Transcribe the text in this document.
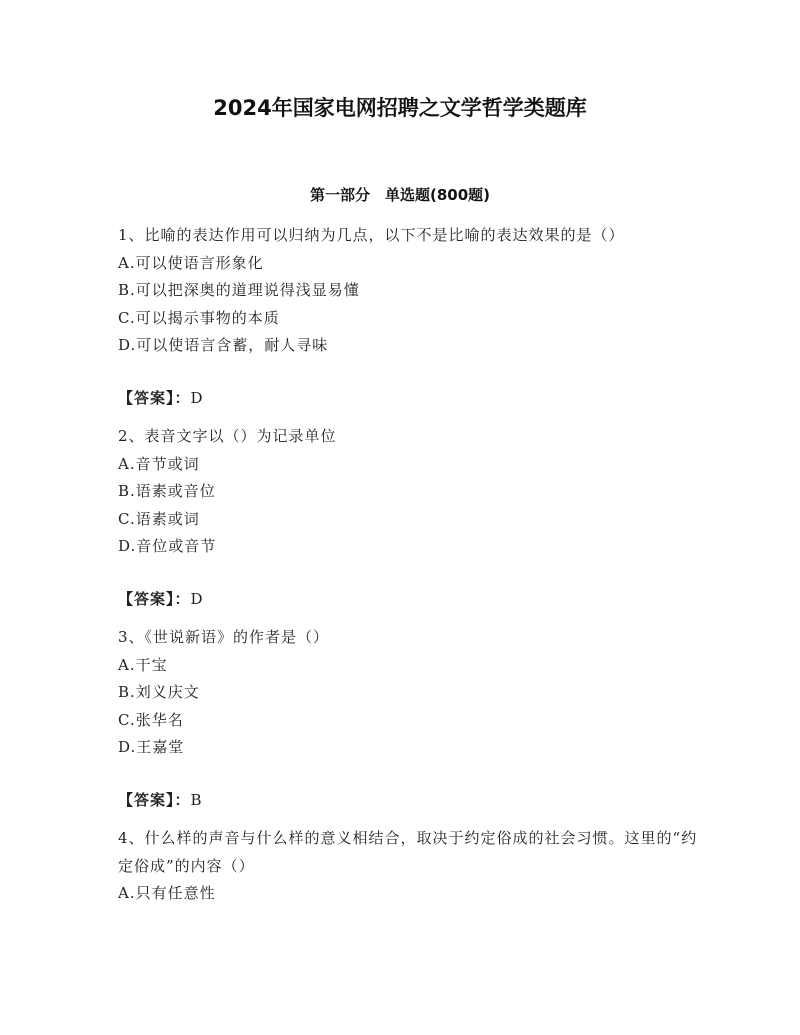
2024年国家电网招聘之文学哲学类题库
第一部分　单选题(800题)

1、比喻的表达作用可以归纳为几点，以下不是比喻的表达效果的是（）

A.可以使语言形象化

B.可以把深奥的道理说得浅显易懂

C.可以揭示事物的本质

D.可以使语言含蓄，耐人寻味

【答案】：D

2、表音文字以（）为记录单位

A.音节或词

B.语素或音位

C.语素或词

D.音位或音节

【答案】：D

3、《世说新语》的作者是（）

A.干宝

B.刘义庆文

C.张华名

D.王嘉堂

【答案】：B

4、什么样的声音与什么样的意义相结合，取决于约定俗成的社会习惯。这里的“约定俗成”的内容（）

A.只有任意性
